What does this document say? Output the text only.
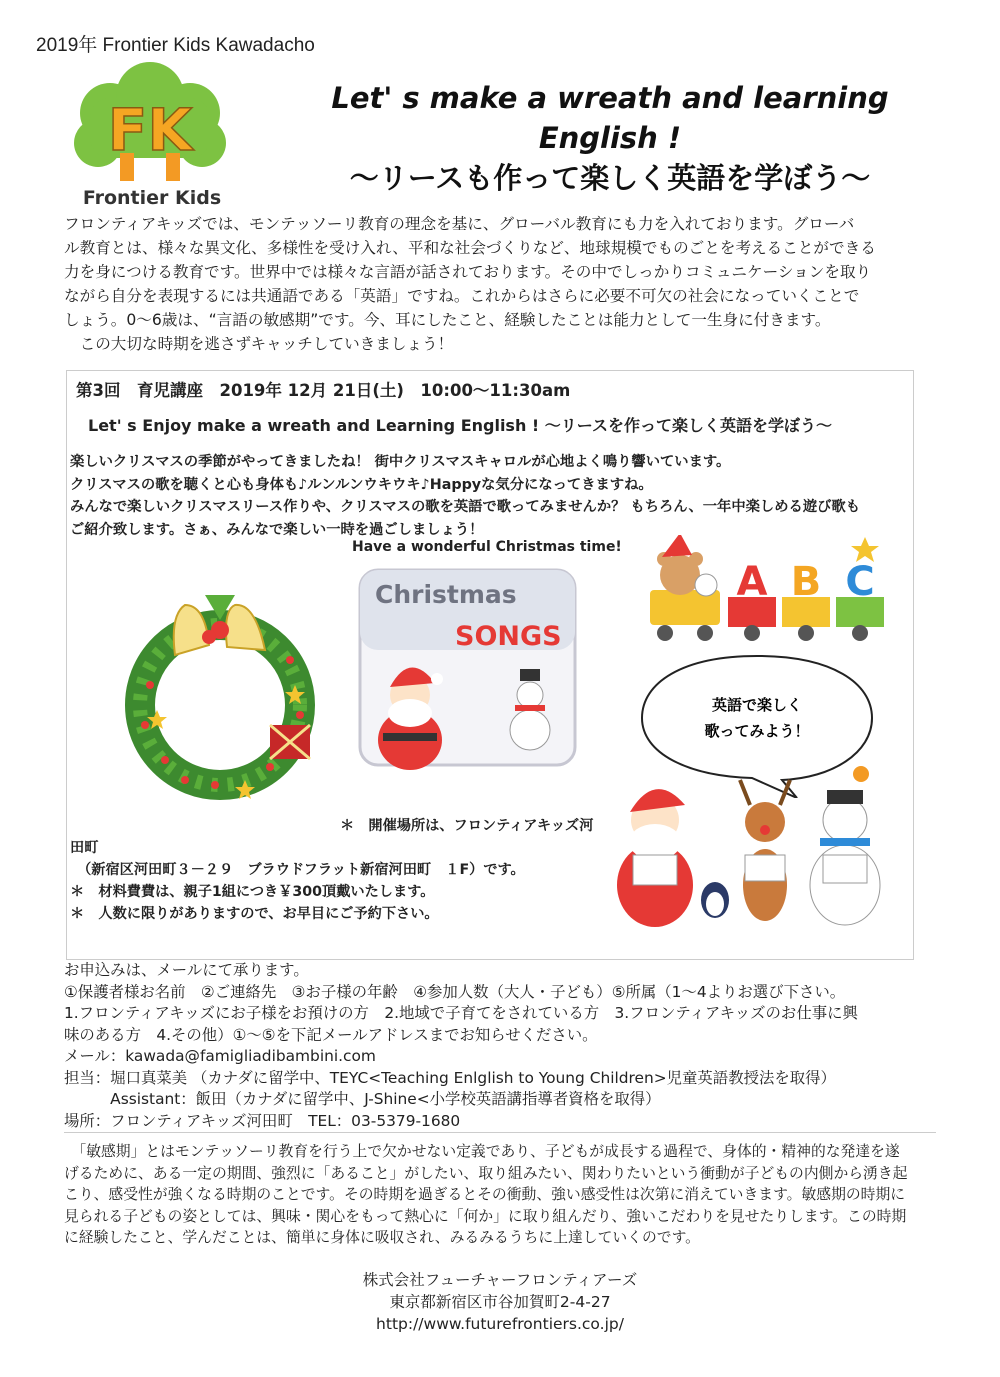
2019年 Frontier Kids Kawadacho
FK
Frontier Kids
Let' s make a wreath and learning
English !
～リースも作って楽しく英語を学ぼう～

フロンティアキッズでは、モンテッソーリ教育の理念を基に、グローバル教育にも力を入れております。グローバ

ル教育とは、様々な異文化、多様性を受け入れ、平和な社会づくりなど、地球規模でものごとを考えることができる

力を身につける教育です。世界中では様々な言語が話されております。その中でしっかりコミュニケーションを取り

ながら自分を表現するには共通語である「英語」ですね。これからはさらに必要不可欠の社会になっていくことで

しょう。0～6歳は、“言語の敏感期”です。今、耳にしたこと、経験したことは能力として一生身に付きます。

　この大切な時期を逃さずキャッチしていきましょう！

第3回　育児講座　2019年 12月 21日(土)　10:00～11:30am
Let' s Enjoy make a wreath and Learning English ! ～リースを作って楽しく英語を学ぼう～

楽しいクリスマスの季節がやってきましたね！ 街中クリスマスキャロルが心地よく鳴り響いています。

クリスマスの歌を聴くと心も身体も♪ルンルンウキウキ♪Happyな気分になってきますね。

みんなで楽しいクリスマスリース作りや、クリスマスの歌を英語で歌ってみませんか？ もちろん、一年中楽しめる遊び歌も

ご紹介致します。さぁ、みんなで楽しい一時を過ごしましょう！

Have a wonderful Christmas time!
Christmas
SONGS
A B C
英語で楽しく
歌ってみよう！

＊　開催場所は、フロンティアキッズ河

田町

　（新宿区河田町３－２９　ブラウドフラット新宿河田町　１F）です。

＊　材料費費は、親子1組につき￥300頂戴いたします。

＊　人数に限りがありますので、お早目にご予約下さい。

お申込みは、メールにて承ります。

①保護者様お名前　②ご連絡先　③お子様の年齢　④参加人数（大人・子ども）⑤所属（1～4よりお選び下さい。

1.フロンティアキッズにお子様をお預けの方　2.地域で子育てをされている方　3.フロンティアキッズのお仕事に興

味のある方　4.その他）①～⑤を下記メールアドレスまでお知らせください。

メール：kawada@famigliadibambini.com

担当：堀口真菜美 （カナダに留学中、TEYC<Teaching Enlglish to Young Children>児童英語教授法を取得）

　　　Assistant：飯田（カナダに留学中、J-Shine<小学校英語講指導者資格を取得）

場所：フロンティアキッズ河田町　TEL：03-5379-1680

　「敏感期」とはモンテッソーリ教育を行う上で欠かせない定義であり、子どもが成長する過程で、身体的・精神的な発達を遂

げるために、ある一定の期間、強烈に「あること」がしたい、取り組みたい、関わりたいという衝動が子どもの内側から湧き起

こり、感受性が強くなる時期のことです。その時期を過ぎるとその衝動、強い感受性は次第に消えていきます。敏感期の時期に

見られる子どもの姿としては、興味・関心をもって熱心に「何か」に取り組んだり、強いこだわりを見せたりします。この時期

に経験したこと、学んだことは、簡単に身体に吸収され、みるみるうちに上達していくのです。

株式会社フューチャーフロンティアーズ
東京都新宿区市谷加賀町2-4-27
http://www.futurefrontiers.co.jp/
